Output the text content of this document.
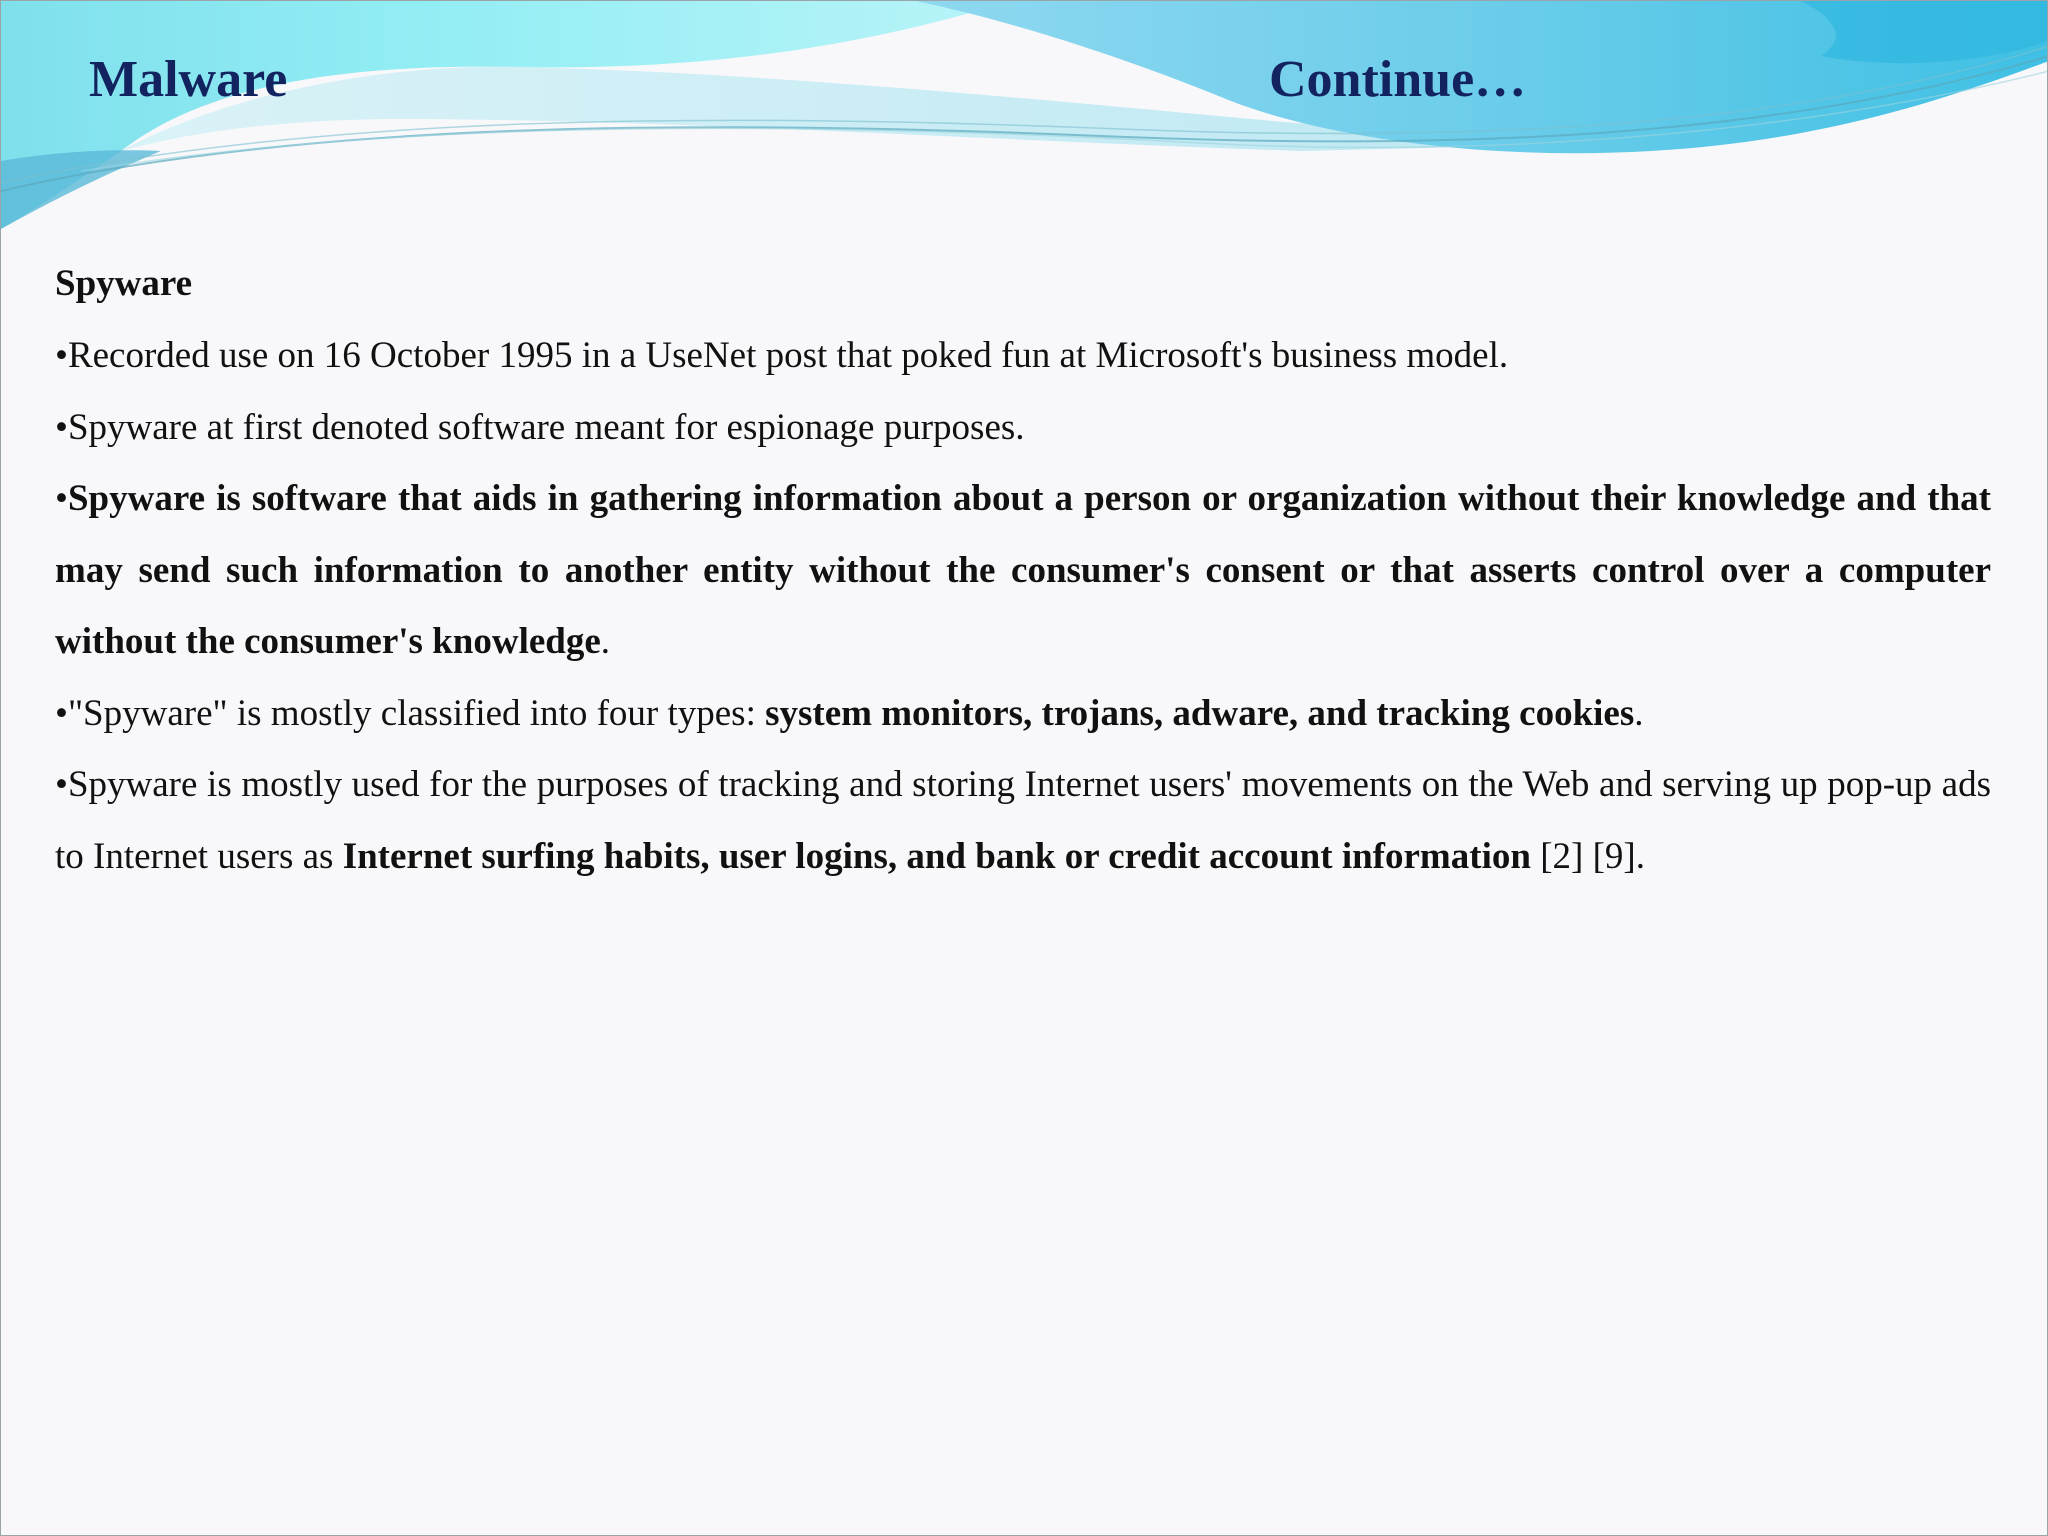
Malware	Continue…

Spyware

•Recorded use on 16 October 1995 in a UseNet post that poked fun at Microsoft's business model.

•Spyware at first denoted software meant for espionage purposes.

•Spyware is software that aids in gathering information about a person or organization without their knowledge and that may send such information to another entity without the consumer's consent or that asserts control over a computer without the consumer's knowledge.

•"Spyware" is mostly classified into four types: system monitors, trojans, adware, and tracking cookies.

•Spyware is mostly used for the purposes of tracking and storing Internet users' movements on the Web and serving up pop-up ads to Internet users as Internet surfing habits, user logins, and bank or credit account information [2] [9].
